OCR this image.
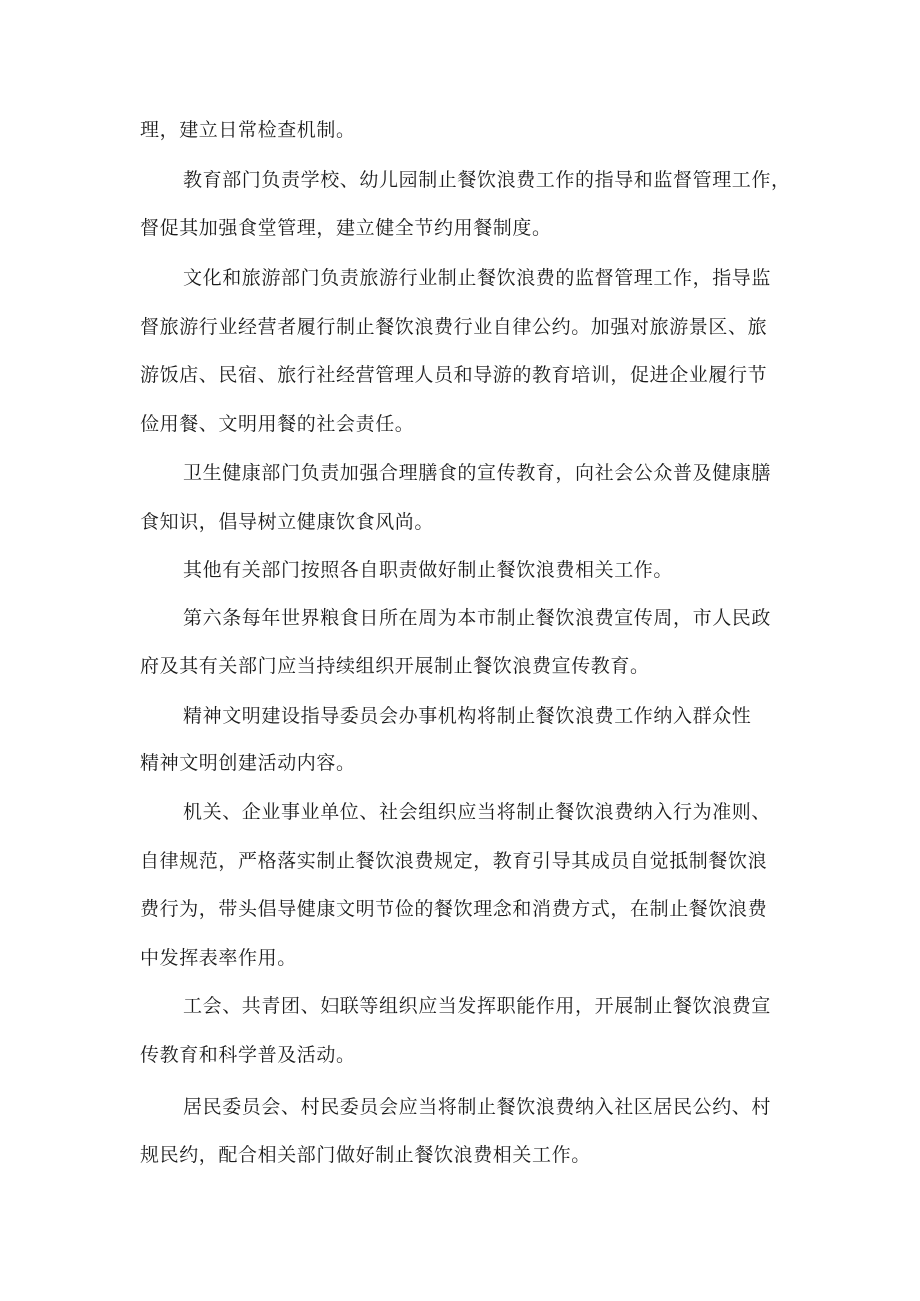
理，建立日常检查机制。
教育部门负责学校、幼儿园制止餐饮浪费工作的指导和监督管理工作，
督促其加强食堂管理，建立健全节约用餐制度。
文化和旅游部门负责旅游行业制止餐饮浪费的监督管理工作，指导监
督旅游行业经营者履行制止餐饮浪费行业自律公约。加强对旅游景区、旅
游饭店、民宿、旅行社经营管理人员和导游的教育培训，促进企业履行节
俭用餐、文明用餐的社会责任。
卫生健康部门负责加强合理膳食的宣传教育，向社会公众普及健康膳
食知识，倡导树立健康饮食风尚。
其他有关部门按照各自职责做好制止餐饮浪费相关工作。
第六条每年世界粮食日所在周为本市制止餐饮浪费宣传周，市人民政
府及其有关部门应当持续组织开展制止餐饮浪费宣传教育。
精神文明建设指导委员会办事机构将制止餐饮浪费工作纳入群众性
精神文明创建活动内容。
机关、企业事业单位、社会组织应当将制止餐饮浪费纳入行为准则、
自律规范，严格落实制止餐饮浪费规定，教育引导其成员自觉抵制餐饮浪
费行为，带头倡导健康文明节俭的餐饮理念和消费方式，在制止餐饮浪费
中发挥表率作用。
工会、共青团、妇联等组织应当发挥职能作用，开展制止餐饮浪费宣
传教育和科学普及活动。
居民委员会、村民委员会应当将制止餐饮浪费纳入社区居民公约、村
规民约，配合相关部门做好制止餐饮浪费相关工作。
